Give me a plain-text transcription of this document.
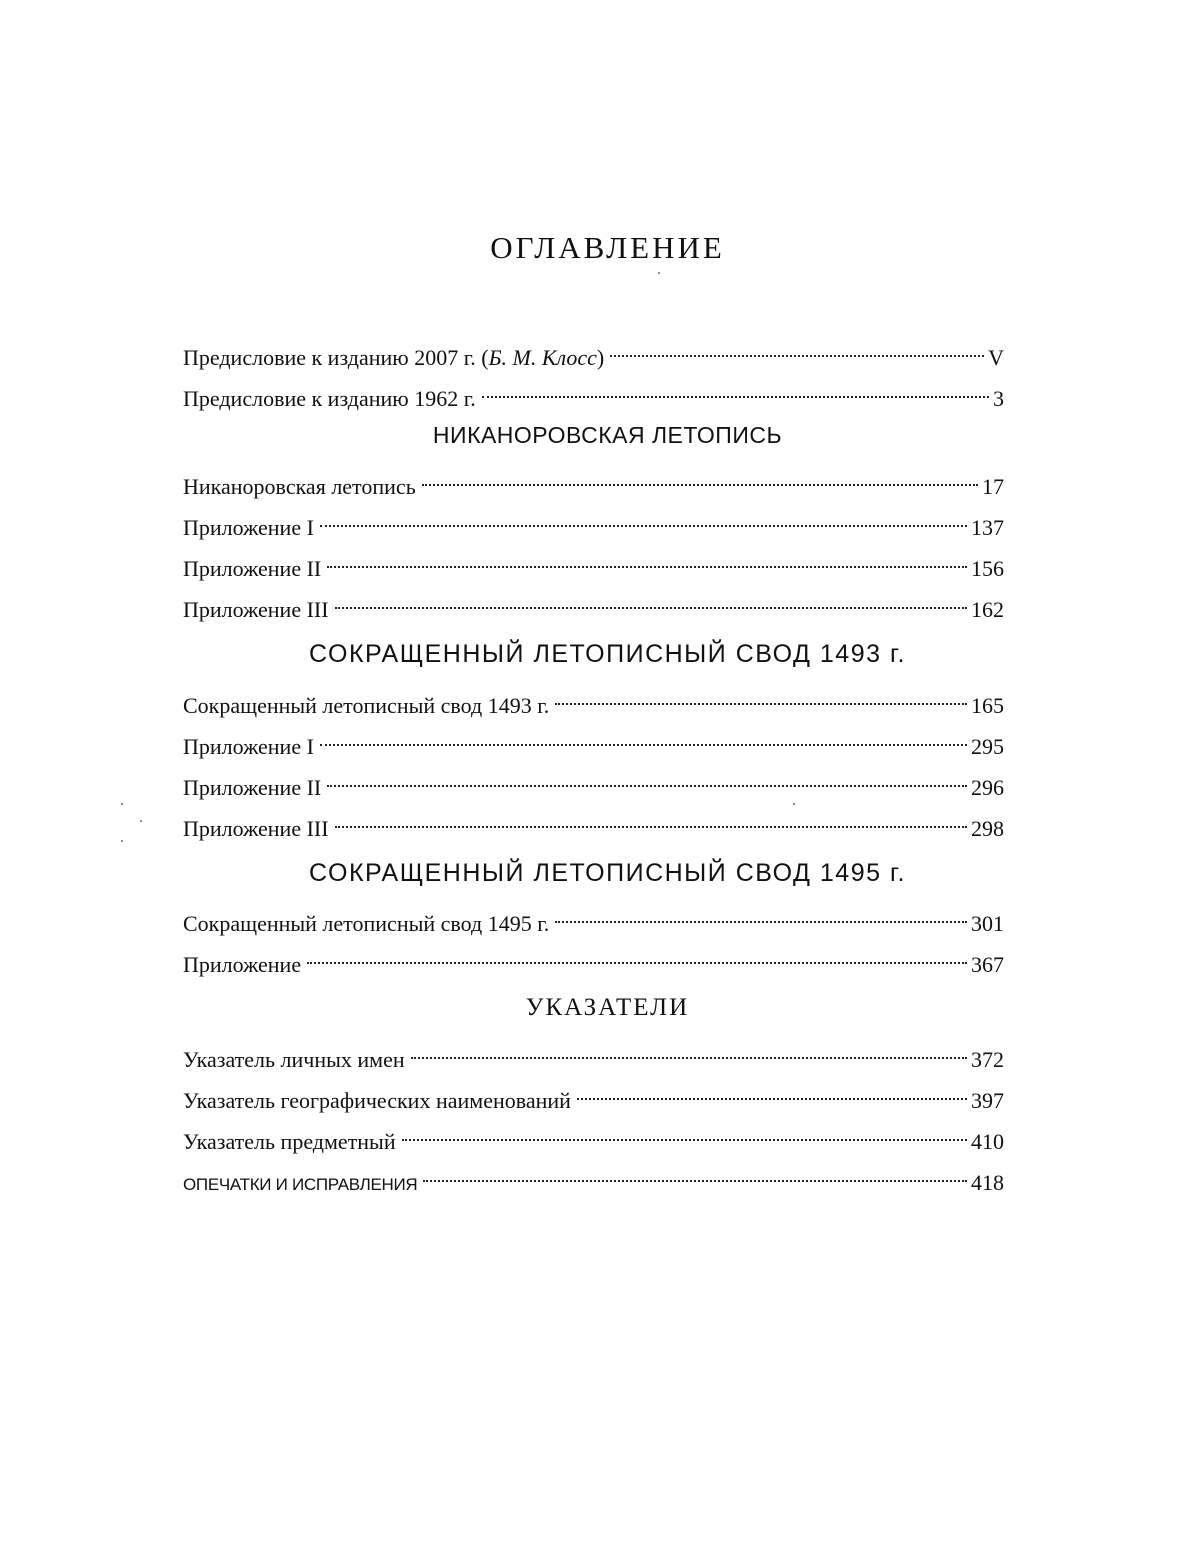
ОГЛАВЛЕНИЕ
Предисловие к изданию 2007 г. (Б. М. Клосс)	V
Предисловие к изданию 1962 г.	3
Никаноровская летопись	17
Приложение I	137
Приложение II	156
Приложение III	162
Сокращенный летописный свод 1493 г.	165
Приложение I	295
Приложение II	296
Приложение III	298
Сокращенный летописный свод 1495 г.	301
Приложение	367
Указатель личных имен	372
Указатель географических наименований	397
Указатель предметный	410
ОПЕЧАТКИ И ИСПРАВЛЕНИЯ	418
НИКАНОРОВСКАЯ ЛЕТОПИСЬ
СОКРАЩЕННЫЙ ЛЕТОПИСНЫЙ СВОД 1493 г.
СОКРАЩЕННЫЙ ЛЕТОПИСНЫЙ СВОД 1495 г.
УКАЗАТЕЛИ
